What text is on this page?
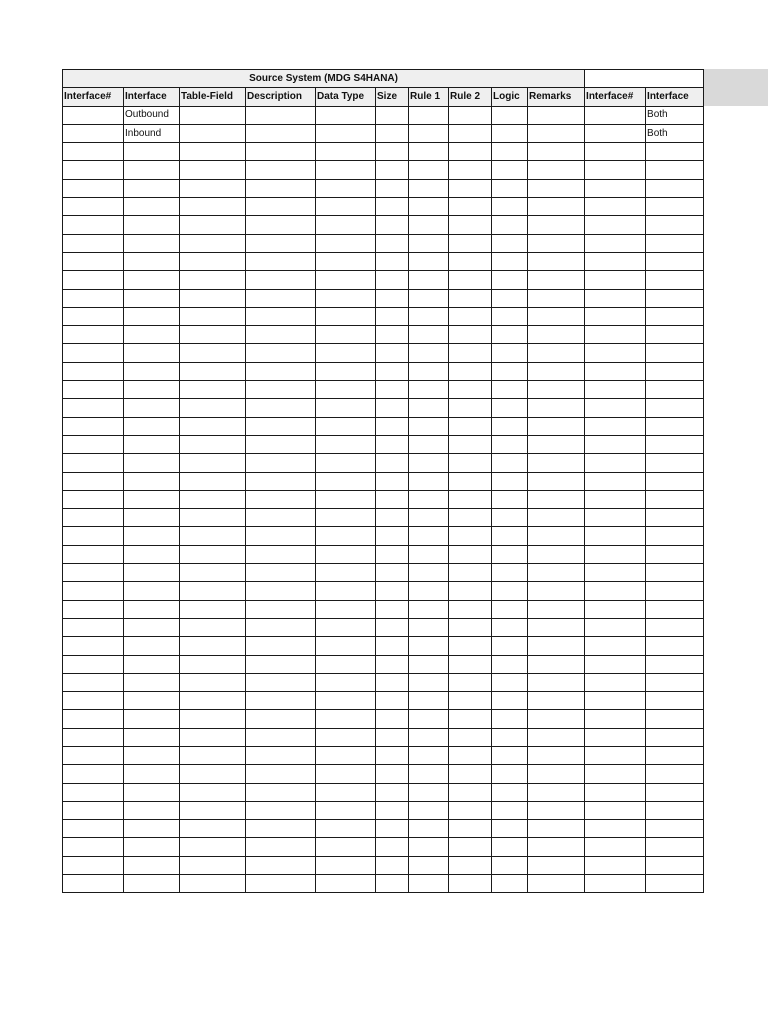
Source System (MDG S4HANA)											
Interface#	Interface	Table-Field	Description	Data Type	Size	Rule 1	Rule 2	Logic	Remarks	Interface#	Interface
	Outbound										Both
	Inbound										Both
